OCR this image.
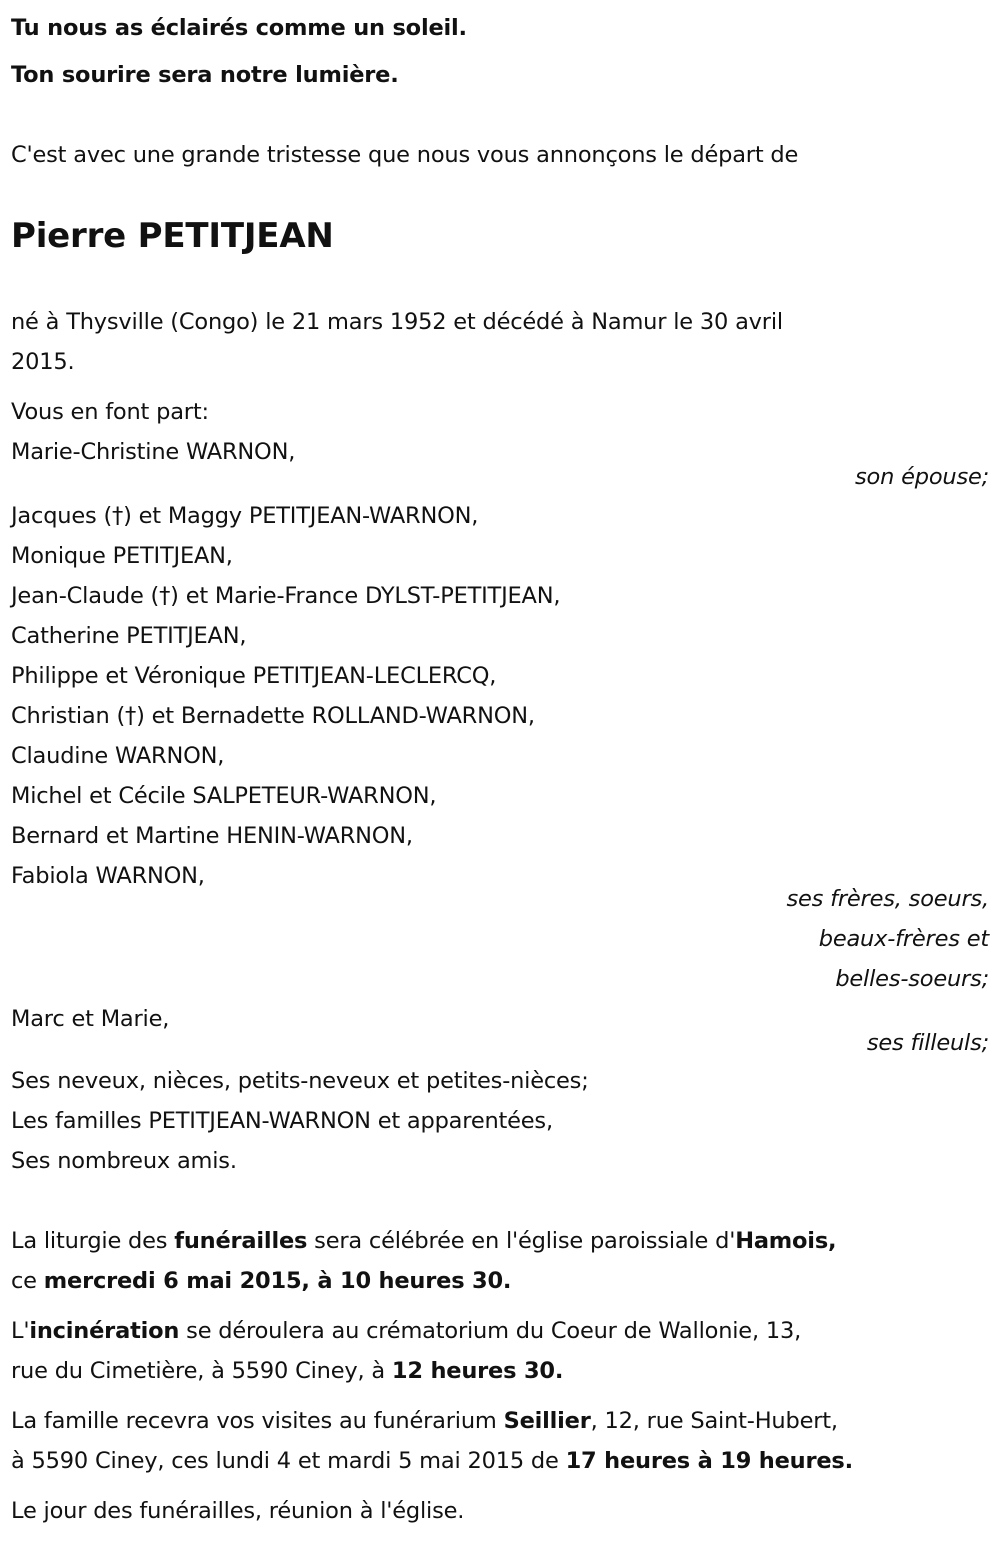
Tu nous as éclairés comme un soleil.
Ton sourire sera notre lumière.
C'est avec une grande tristesse que nous vous annonçons le départ de
Pierre PETITJEAN
né à Thysville (Congo) le 21 mars 1952 et décédé à Namur le 30 avril
2015.
Vous en font part:
Marie-Christine WARNON,
son épouse;
Jacques (†) et Maggy PETITJEAN-WARNON,
Monique PETITJEAN,
Jean-Claude (†) et Marie-France DYLST-PETITJEAN,
Catherine PETITJEAN,
Philippe et Véronique PETITJEAN-LECLERCQ,
Christian (†) et Bernadette ROLLAND-WARNON,
Claudine WARNON,
Michel et Cécile SALPETEUR-WARNON,
Bernard et Martine HENIN-WARNON,
Fabiola WARNON,
ses frères, soeurs,
beaux-frères et
belles-soeurs;
Marc et Marie,
ses filleuls;
Ses neveux, nièces, petits-neveux et petites-nièces;
Les familles PETITJEAN-WARNON et apparentées,
Ses nombreux amis.
La liturgie des funérailles sera célébrée en l'église paroissiale d'Hamois,
ce mercredi 6 mai 2015, à 10 heures 30.
L'incinération se déroulera au crématorium du Coeur de Wallonie, 13,
rue du Cimetière, à 5590 Ciney, à 12 heures 30.
La famille recevra vos visites au funérarium Seillier, 12, rue Saint-Hubert,
à 5590 Ciney, ces lundi 4 et mardi 5 mai 2015 de 17 heures à 19 heures.
Le jour des funérailles, réunion à l'église.
